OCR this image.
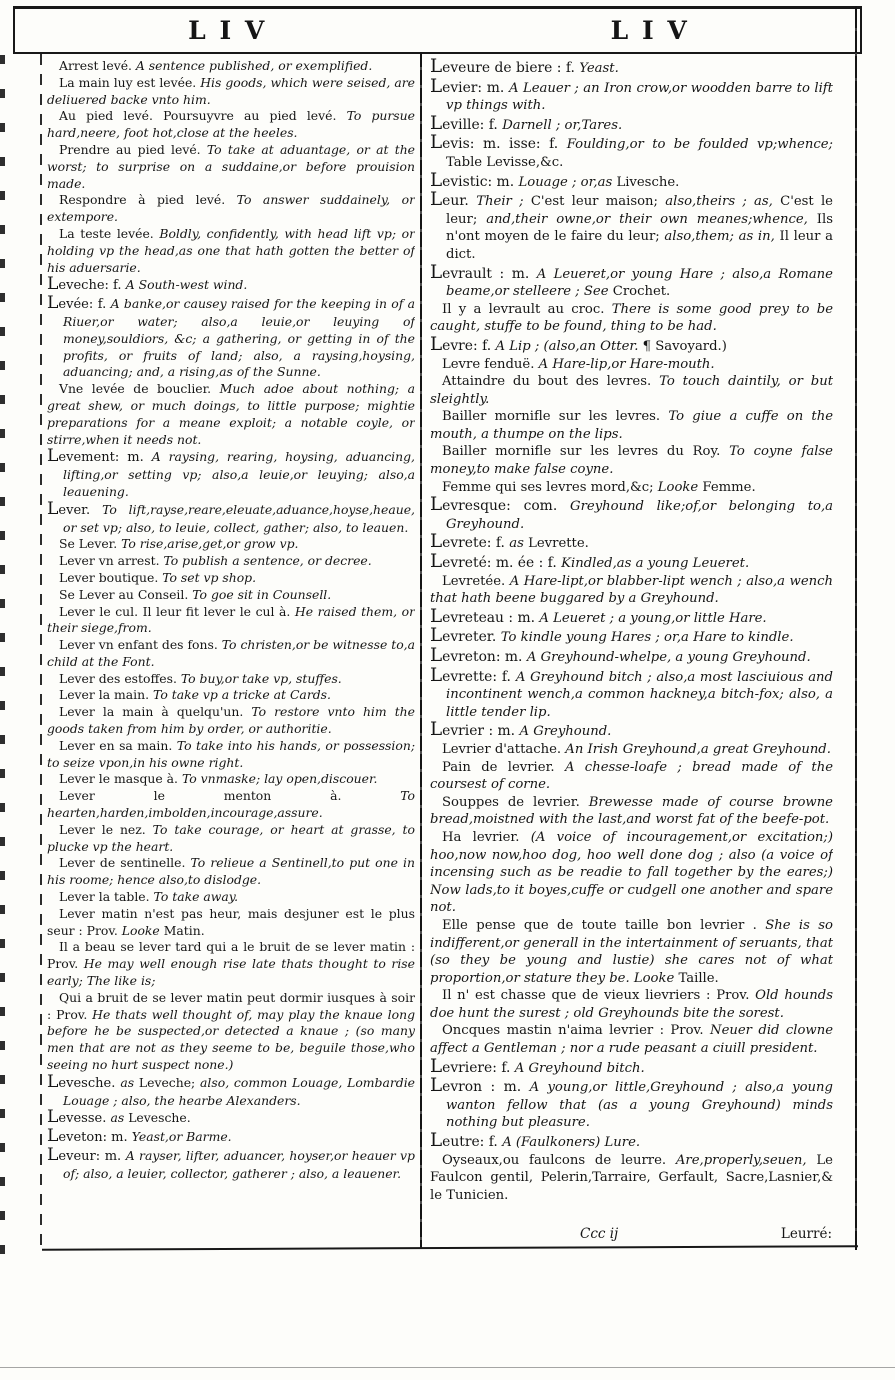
LIV	LIV
Arrest levé. A sentence published, or exemplified.
La main luy est levée. His goods, which were seised, are deliuered backe vnto him.
Au pied levé. Poursuyvre au pied levé. To pursue hard,neere, foot hot,close at the heeles.
Prendre au pied levé. To take at aduantage, or at the worst; to surprise on a suddaine,or before prouision made.
Respondre à pied levé. To answer suddainely, or extempore.
La teste levée. Boldly, confidently, with head lift vp; or holding vp the head,as one that hath gotten the better of his aduersarie.
Leveche: f. A South-west wind.
Levée: f. A banke,or causey raised for the keeping in of a Riuer,or water; also,a leuie,or leuying of money,souldiors, &c; a gathering, or getting in of the profits, or fruits of land; also, a raysing,hoysing, aduancing; and, a rising,as of the Sunne.
Vne levée de bouclier. Much adoe about nothing; a great shew, or much doings, to little purpose; mightie preparations for a meane exploit; a notable coyle, or stirre,when it needs not.
Levement: m. A raysing, rearing, hoysing, aduancing, lifting,or setting vp; also,a leuie,or leuying; also,a leauening.
Lever. To lift,rayse,reare,eleuate,aduance,hoyse,heaue, or set vp; also, to leuie, collect, gather; also, to leauen.
Se Lever. To rise,arise,get,or grow vp.
Lever vn arrest. To publish a sentence, or decree.
Lever boutique. To set vp shop.
Se Lever au Conseil. To goe sit in Counsell.
Lever le cul. Il leur fit lever le cul à. He raised them, or their siege,from.
Lever vn enfant des fons. To christen,or be witnesse to,a child at the Font.
Lever des estoffes. To buy,or take vp, stuffes.
Lever la main. To take vp a tricke at Cards.
Lever la main à quelqu'un. To restore vnto him the goods taken from him by order, or authoritie.
Lever en sa main. To take into his hands, or possession; to seize vpon,in his owne right.
Lever le masque à. To vnmaske; lay open,discouer.
Lever le menton à. To hearten,harden,imbolden,incourage,assure.
Lever le nez. To take courage, or heart at grasse, to plucke vp the heart.
Lever de sentinelle. To relieue a Sentinell,to put one in his roome; hence also,to dislodge.
Lever la table. To take away.
Lever matin n'est pas heur, mais desjuner est le plus seur : Prov. Looke Matin.
Il a beau se lever tard qui a le bruit de se lever matin : Prov. He may well enough rise late thats thought to rise early; The like is;
Qui a bruit de se lever matin peut dormir iusques à soir : Prov. He thats well thought of, may play the knaue long before he be suspected,or detected a knaue ; (so many men that are not as they seeme to be, beguile those,who seeing no hurt suspect none.)
Levesche. as Leveche; also, common Louage, Lombardie Louage ; also, the hearbe Alexanders.
Levesse. as Levesche.
Leveton: m. Yeast,or Barme.
Leveur: m. A rayser, lifter, aduancer, hoyser,or heauer vp of; also, a leuier, collector, gatherer ; also, a leauener.
Leveure de biere : f. Yeast.
Levier: m. A Leauer ; an Iron crow,or woodden barre to lift vp things with.
Leville: f. Darnell ; or,Tares.
Levis: m. isse: f. Foulding,or to be foulded vp;whence; Table Levisse,&c.
Levistic: m. Louage ; or,as Livesche.
Leur. Their ; C'est leur maison; also,theirs ; as, C'est le leur; and,their owne,or their own meanes;whence, Ils n'ont moyen de le faire du leur; also,them; as in, Il leur a dict.
Levrault : m. A Leueret,or young Hare ; also,a Romane beame,or stelleere ; See Crochet.
Il y a levrault au croc. There is some good prey to be caught, stuffe to be found, thing to be had.
Levre: f. A Lip ; (also,an Otter. ¶ Savoyard.)
Levre fenduë. A Hare-lip,or Hare-mouth.
Attaindre du bout des levres. To touch daintily, or but sleightly.
Bailler mornifle sur les levres. To giue a cuffe on the mouth, a thumpe on the lips.
Bailler mornifle sur les levres du Roy. To coyne false money,to make false coyne.
Femme qui ses levres mord,&c; Looke Femme.
Levresque: com. Greyhound like;of,or belonging to,a Greyhound.
Levrete: f. as Levrette.
Levreté: m. ée : f. Kindled,as a young Leueret.
Levretée. A Hare-lipt,or blabber-lipt wench ; also,a wench that hath beene buggared by a Greyhound.
Levreteau : m. A Leueret ; a young,or little Hare.
Levreter. To kindle young Hares ; or,a Hare to kindle.
Levreton: m. A Greyhound-whelpe, a young Greyhound.
Levrette: f. A Greyhound bitch ; also,a most lasciuious and incontinent wench,a common hackney,a bitch-fox; also, a little tender lip.
Levrier : m. A Greyhound.
Levrier d'attache. An Irish Greyhound,a great Greyhound.
Pain de levrier. A chesse-loafe ; bread made of the coursest of corne.
Souppes de levrier. Brewesse made of course browne bread,moistned with the last,and worst fat of the beefe-pot.
Ha levrier. (A voice of incouragement,or excitation;) hoo,now now,hoo dog, hoo well done dog ; also (a voice of incensing such as be readie to fall together by the eares;) Now lads,to it boyes,cuffe or cudgell one another and spare not.
Elle pense que de toute taille bon levrier . She is so indifferent,or generall in the intertainment of seruants, that (so they be young and lustie) she cares not of what proportion,or stature they be. Looke Taille.
Il n' est chasse que de vieux lievriers : Prov. Old hounds doe hunt the surest ; old Greyhounds bite the sorest.
Oncques mastin n'aima levrier : Prov. Neuer did clowne affect a Gentleman ; nor a rude peasant a ciuill president.
Levriere: f. A Greyhound bitch.
Levron : m. A young,or little,Greyhound ; also,a young wanton fellow that (as a young Greyhound) minds nothing but pleasure.
Leutre: f. A (Faulkoners) Lure.
Oyseaux,ou faulcons de leurre. Are,properly,seuen, Le Faulcon gentil, Pelerin,Tarraire, Gerfault, Sacre,Lasnier,& le Tunicien.
Ccc ij	Leurré:
